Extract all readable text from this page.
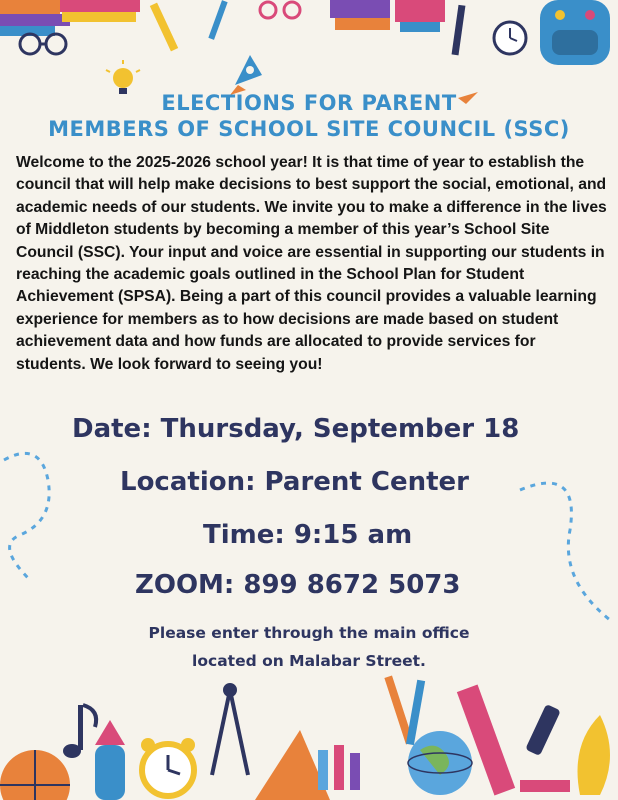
ELECTIONS FOR PARENT

MEMBERS OF SCHOOL SITE COUNCIL (SSC)

Welcome to the 2025-2026 school year! It is that time of year to establish the council that will help make decisions to best support the social, emotional, and academic needs of our students. We invite you to make a difference in the lives of Middleton students by becoming a member of this year’s School Site Council (SSC). Your input and voice are essential in supporting our students in reaching the academic goals outlined in the School Plan for Student Achievement (SPSA). Being a part of this council provides a valuable learning experience for members as to how decisions are made based on student achievement data and how funds are allocated to provide services for students. We look forward to seeing you!

Date: Thursday, September 18

Location: Parent Center

Time: 9:15 am

ZOOM: 899 8672 5073

Please enter through the main office

located on Malabar Street.
